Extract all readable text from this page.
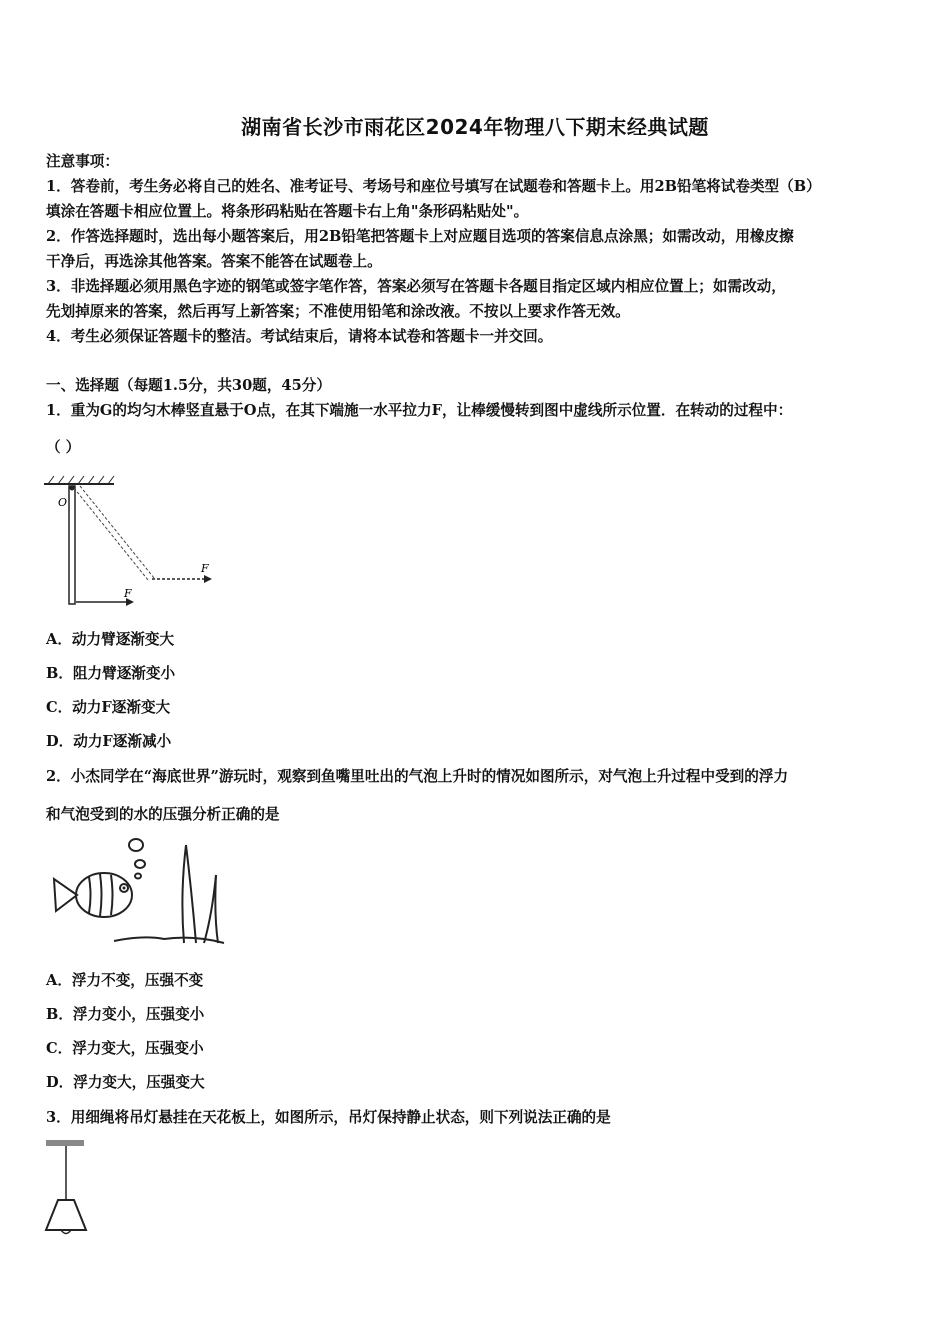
湖南省长沙市雨花区2024年物理八下期末经典试题
注意事项：
1．答卷前，考生务必将自己的姓名、准考证号、考场号和座位号填写在试题卷和答题卡上。用2B铅笔将试卷类型（B）
填涂在答题卡相应位置上。将条形码粘贴在答题卡右上角"条形码粘贴处"。
2．作答选择题时，选出每小题答案后，用2B铅笔把答题卡上对应题目选项的答案信息点涂黑；如需改动，用橡皮擦
干净后，再选涂其他答案。答案不能答在试题卷上。
3．非选择题必须用黑色字迹的钢笔或签字笔作答，答案必须写在答题卡各题目指定区域内相应位置上；如需改动，
先划掉原来的答案，然后再写上新答案；不准使用铅笔和涂改液。不按以上要求作答无效。
4．考生必须保证答题卡的整洁。考试结束后，请将本试卷和答题卡一并交回。
一、选择题（每题1.5分，共30题，45分）
1．重为G的均匀木棒竖直悬于O点，在其下端施一水平拉力F，让棒缓慢转到图中虚线所示位置．在转动的过程中：
（ ）
O
F
F
A．动力臂逐渐变大
B．阻力臂逐渐变小
C．动力F逐渐变大
D．动力F逐渐减小
2．小杰同学在“海底世界”游玩时，观察到鱼嘴里吐出的气泡上升时的情况如图所示，对气泡上升过程中受到的浮力
和气泡受到的水的压强分析正确的是
A．浮力不变，压强不变
B．浮力变小，压强变小
C．浮力变大，压强变小
D．浮力变大，压强变大
3．用细绳将吊灯悬挂在天花板上，如图所示，吊灯保持静止状态，则下列说法正确的是
